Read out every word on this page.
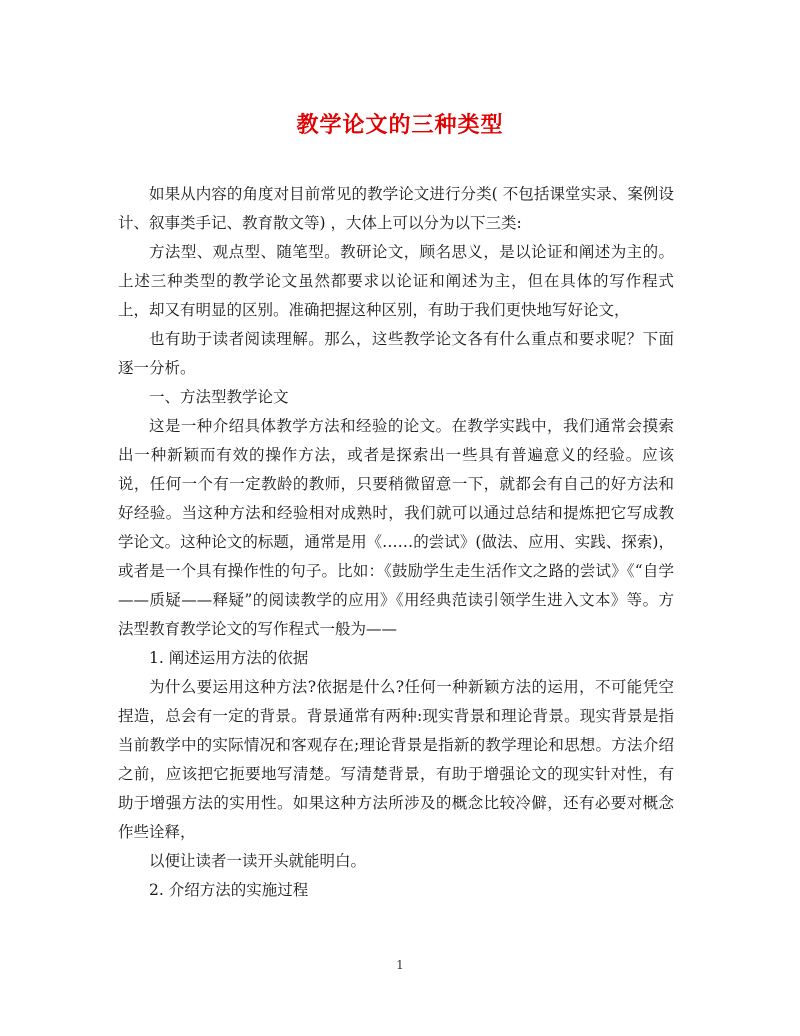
教学论文的三种类型

如果从内容的角度对目前常见的教学论文进行分类( 不包括课堂实录、案例设计、叙事类手记、教育散文等) ，大体上可以分为以下三类:

方法型、观点型、随笔型。教研论文，顾名思义，是以论证和阐述为主的。上述三种类型的教学论文虽然都要求以论证和阐述为主，但在具体的写作程式上，却又有明显的区别。准确把握这种区别，有助于我们更快地写好论文，

也有助于读者阅读理解。那么，这些教学论文各有什么重点和要求呢？下面逐一分析。

一、方法型教学论文

这是一种介绍具体教学方法和经验的论文。在教学实践中，我们通常会摸索出一种新颖而有效的操作方法，或者是探索出一些具有普遍意义的经验。应该说，任何一个有一定教龄的教师，只要稍微留意一下，就都会有自己的好方法和好经验。当这种方法和经验相对成熟时，我们就可以通过总结和提炼把它写成教学论文。这种论文的标题，通常是用《……的尝试》(做法、应用、实践、探索)，或者是一个具有操作性的句子。比如：《鼓励学生走生活作文之路的尝试》《“自学——质疑——释疑”的阅读教学的应用》《用经典范读引领学生进入文本》等。方法型教育教学论文的写作程式一般为——

1. 阐述运用方法的依据

为什么要运用这种方法?依据是什么?任何一种新颖方法的运用，不可能凭空捏造，总会有一定的背景。背景通常有两种:现实背景和理论背景。现实背景是指当前教学中的实际情况和客观存在;理论背景是指新的教学理论和思想。方法介绍之前，应该把它扼要地写清楚。写清楚背景，有助于增强论文的现实针对性，有助于增强方法的实用性。如果这种方法所涉及的概念比较冷僻，还有必要对概念作些诠释，

以便让读者一读开头就能明白。

2. 介绍方法的实施过程

1
